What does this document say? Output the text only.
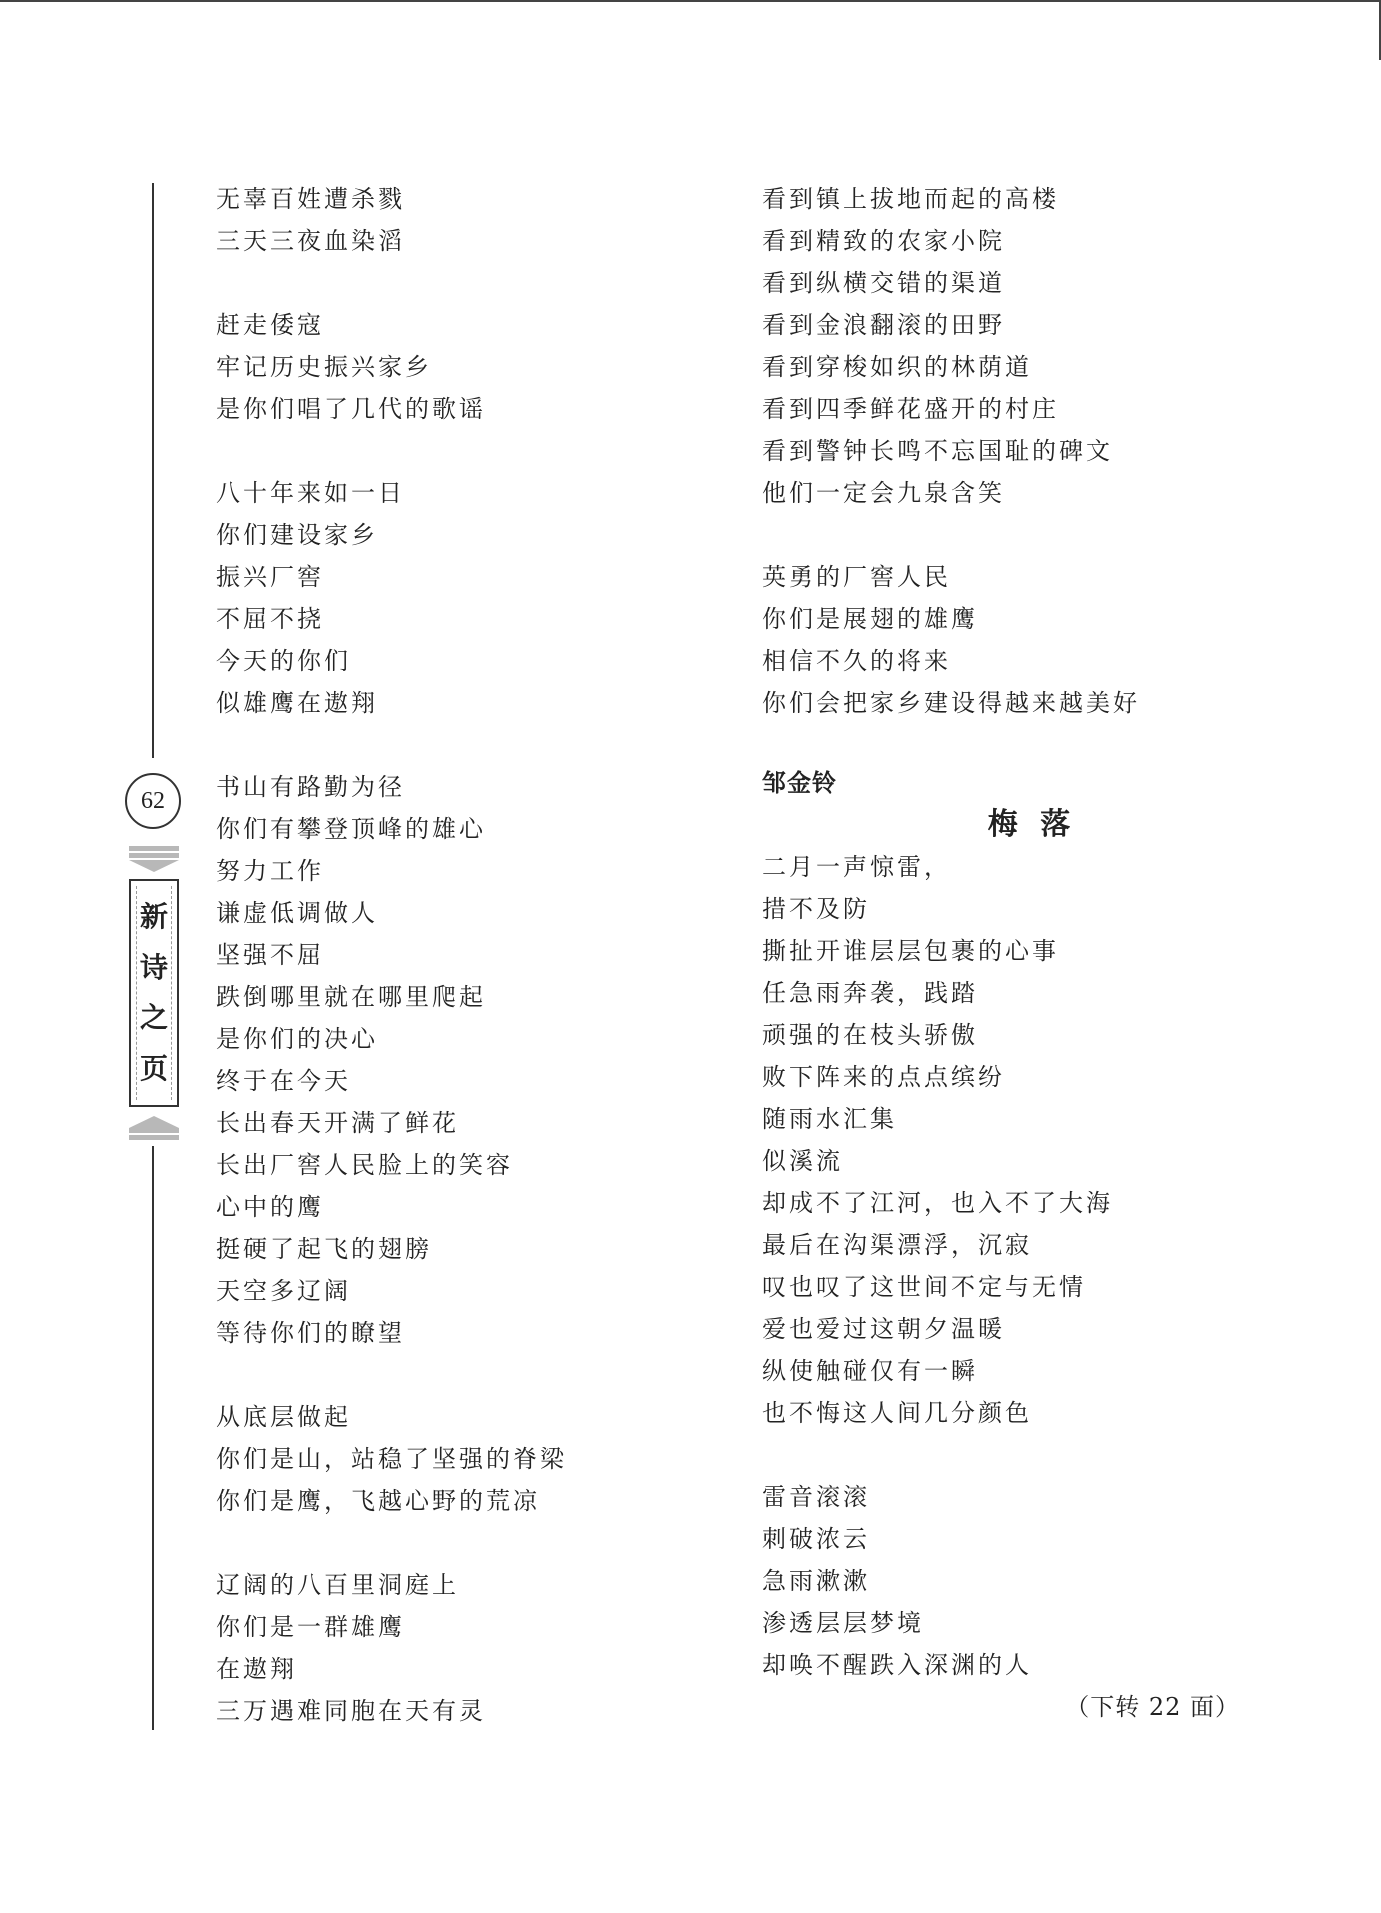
62
新
诗
之
页
无辜百姓遭杀戮
三天三夜血染滔
赶走倭寇
牢记历史振兴家乡
是你们唱了几代的歌谣
八十年来如一日
你们建设家乡
振兴厂窖
不屈不挠
今天的你们
似雄鹰在遨翔
书山有路勤为径
你们有攀登顶峰的雄心
努力工作
谦虚低调做人
坚强不屈
跌倒哪里就在哪里爬起
是你们的决心
终于在今天
长出春天开满了鲜花
长出厂窖人民脸上的笑容
心中的鹰
挺硬了起飞的翅膀
天空多辽阔
等待你们的瞭望
从底层做起
你们是山，站稳了坚强的脊梁
你们是鹰，飞越心野的荒凉
辽阔的八百里洞庭上
你们是一群雄鹰
在遨翔
三万遇难同胞在天有灵
看到镇上拔地而起的高楼
看到精致的农家小院
看到纵横交错的渠道
看到金浪翻滚的田野
看到穿梭如织的林荫道
看到四季鲜花盛开的村庄
看到警钟长鸣不忘国耻的碑文
他们一定会九泉含笑
英勇的厂窖人民
你们是展翅的雄鹰
相信不久的将来
你们会把家乡建设得越来越美好
邹金铃
梅 落
二月一声惊雷，
措不及防
撕扯开谁层层包裹的心事
任急雨奔袭，践踏
顽强的在枝头骄傲
败下阵来的点点缤纷
随雨水汇集
似溪流
却成不了江河，也入不了大海
最后在沟渠漂浮，沉寂
叹也叹了这世间不定与无情
爱也爱过这朝夕温暖
纵使触碰仅有一瞬
也不悔这人间几分颜色
雷音滚滚
刺破浓云
急雨漱漱
渗透层层梦境
却唤不醒跌入深渊的人
（下转 22 面）
